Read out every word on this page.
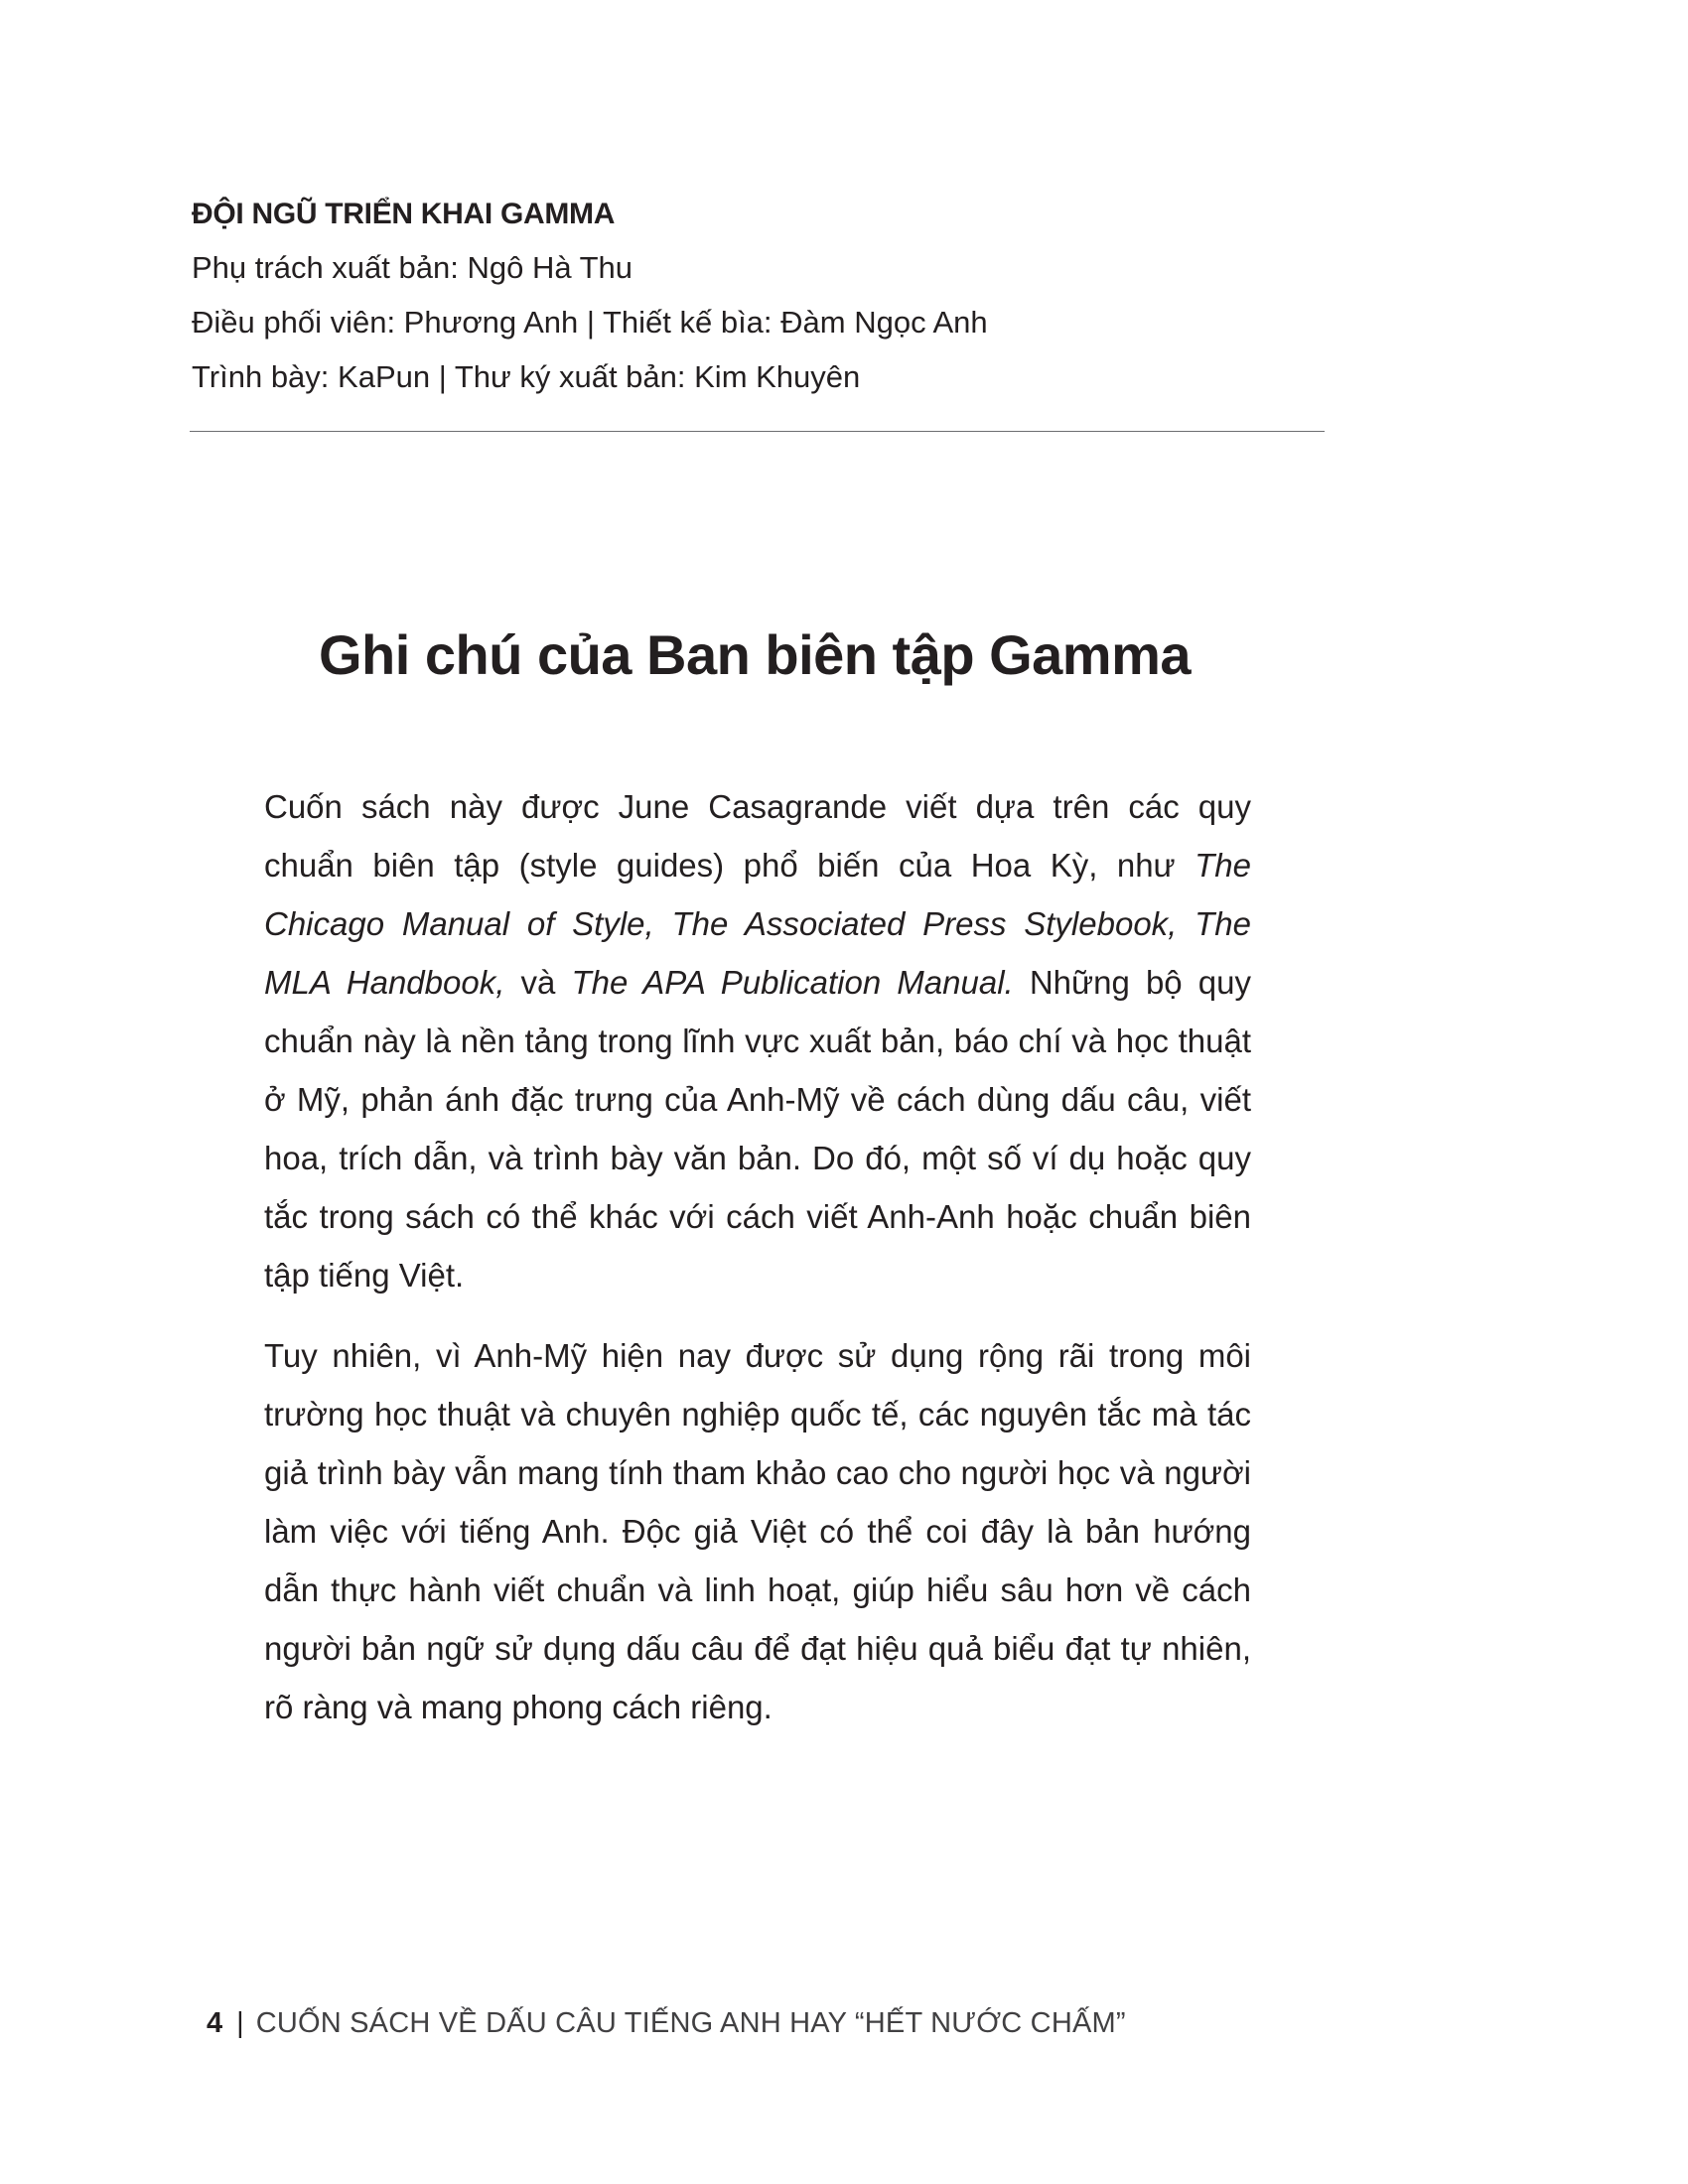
ĐỘI NGŨ TRIỂN KHAI GAMMA

Phụ trách xuất bản: Ngô Hà Thu

Điều phối viên: Phương Anh | Thiết kế bìa: Đàm Ngọc Anh

Trình bày: KaPun | Thư ký xuất bản: Kim Khuyên

Ghi chú của Ban biên tập Gamma

Cuốn sách này được June Casagrande viết dựa trên các quy chuẩn biên tập (style guides) phổ biến của Hoa Kỳ, như The Chicago Manual of Style, The Associated Press Stylebook, The MLA Handbook, và The APA Publication Manual. Những bộ quy chuẩn này là nền tảng trong lĩnh vực xuất bản, báo chí và học thuật ở Mỹ, phản ánh đặc trưng của Anh-Mỹ về cách dùng dấu câu, viết hoa, trích dẫn, và trình bày văn bản. Do đó, một số ví dụ hoặc quy tắc trong sách có thể khác với cách viết Anh-Anh hoặc chuẩn biên tập tiếng Việt.

Tuy nhiên, vì Anh-Mỹ hiện nay được sử dụng rộng rãi trong môi trường học thuật và chuyên nghiệp quốc tế, các nguyên tắc mà tác giả trình bày vẫn mang tính tham khảo cao cho người học và người làm việc với tiếng Anh. Độc giả Việt có thể coi đây là bản hướng dẫn thực hành viết chuẩn và linh hoạt, giúp hiểu sâu hơn về cách người bản ngữ sử dụng dấu câu để đạt hiệu quả biểu đạt tự nhiên, rõ ràng và mang phong cách riêng.

4 | CUỐN SÁCH VỀ DẤU CÂU TIẾNG ANH HAY “HẾT NƯỚC CHẤM”
